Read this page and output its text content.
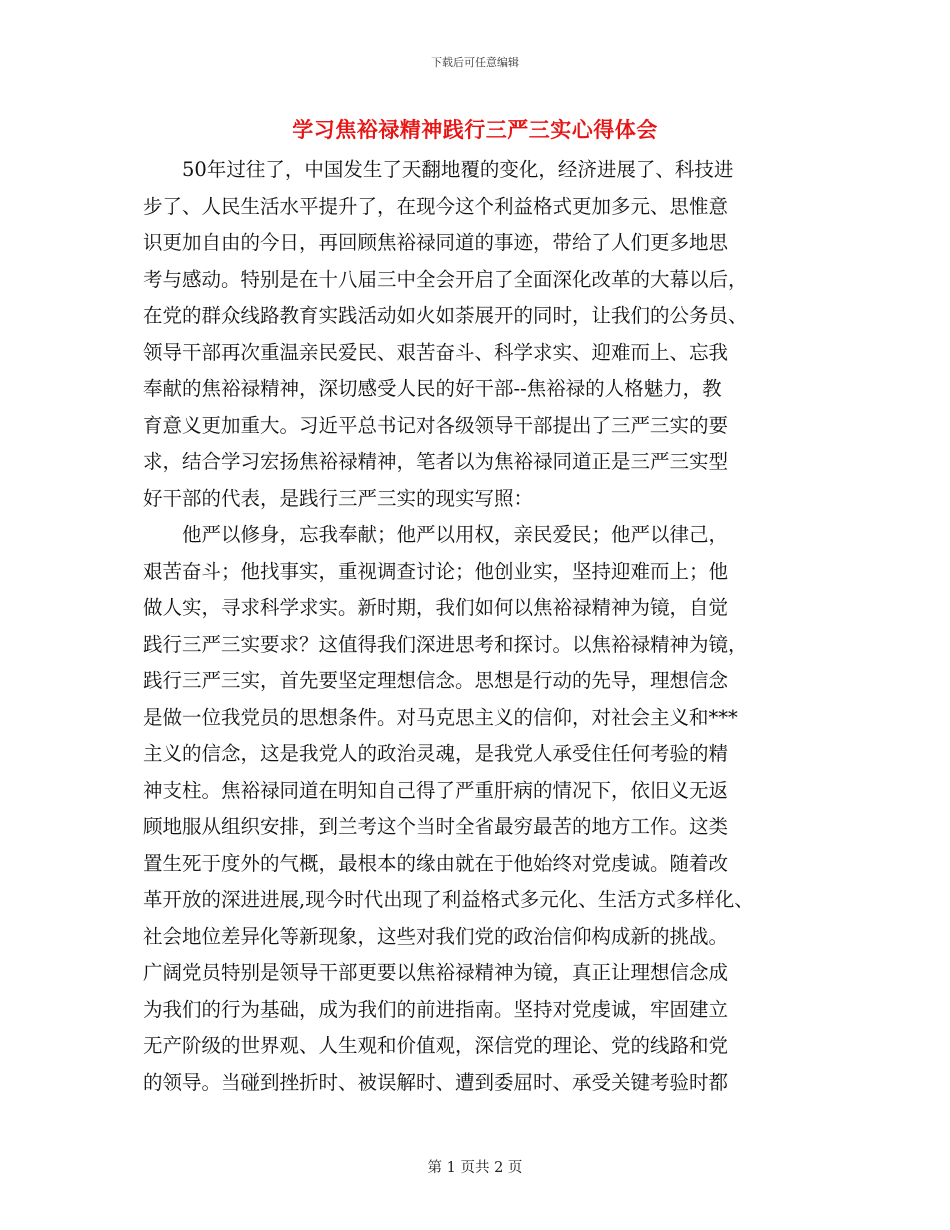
下载后可任意编辑
学习焦裕禄精神践行三严三实心得体会
50年过往了，中国发生了天翻地覆的变化，经济进展了、科技进
步了、人民生活水平提升了，在现今这个利益格式更加多元、思惟意
识更加自由的今日，再回顾焦裕禄同道的事迹，带给了人们更多地思
考与感动。特别是在十八届三中全会开启了全面深化改革的大幕以后，
在党的群众线路教育实践活动如火如荼展开的同时，让我们的公务员、
领导干部再次重温亲民爱民、艰苦奋斗、科学求实、迎难而上、忘我
奉献的焦裕禄精神，深切感受人民的好干部--焦裕禄的人格魅力，教
育意义更加重大。习近平总书记对各级领导干部提出了三严三实的要
求，结合学习宏扬焦裕禄精神，笔者以为焦裕禄同道正是三严三实型
好干部的代表，是践行三严三实的现实写照：
他严以修身，忘我奉献；他严以用权，亲民爱民；他严以律己，
艰苦奋斗；他找事实，重视调查讨论；他创业实，坚持迎难而上；他
做人实，寻求科学求实。新时期，我们如何以焦裕禄精神为镜，自觉
践行三严三实要求？这值得我们深进思考和探讨。以焦裕禄精神为镜，
践行三严三实，首先要坚定理想信念。思想是行动的先导，理想信念
是做一位我党员的思想条件。对马克思主义的信仰，对社会主义和***
主义的信念，这是我党人的政治灵魂，是我党人承受住任何考验的精
神支柱。焦裕禄同道在明知自己得了严重肝病的情况下，依旧义无返
顾地服从组织安排，到兰考这个当时全省最穷最苦的地方工作。这类
置生死于度外的气概，最根本的缘由就在于他始终对党虔诚。随着改
革开放的深进进展,现今时代出现了利益格式多元化、生活方式多样化、
社会地位差异化等新现象，这些对我们党的政治信仰构成新的挑战。
广阔党员特别是领导干部更要以焦裕禄精神为镜，真正让理想信念成
为我们的行为基础，成为我们的前进指南。坚持对党虔诚，牢固建立
无产阶级的世界观、人生观和价值观，深信党的理论、党的线路和党
的领导。当碰到挫折时、被误解时、遭到委屈时、承受关键考验时都
第 1 页共 2 页
